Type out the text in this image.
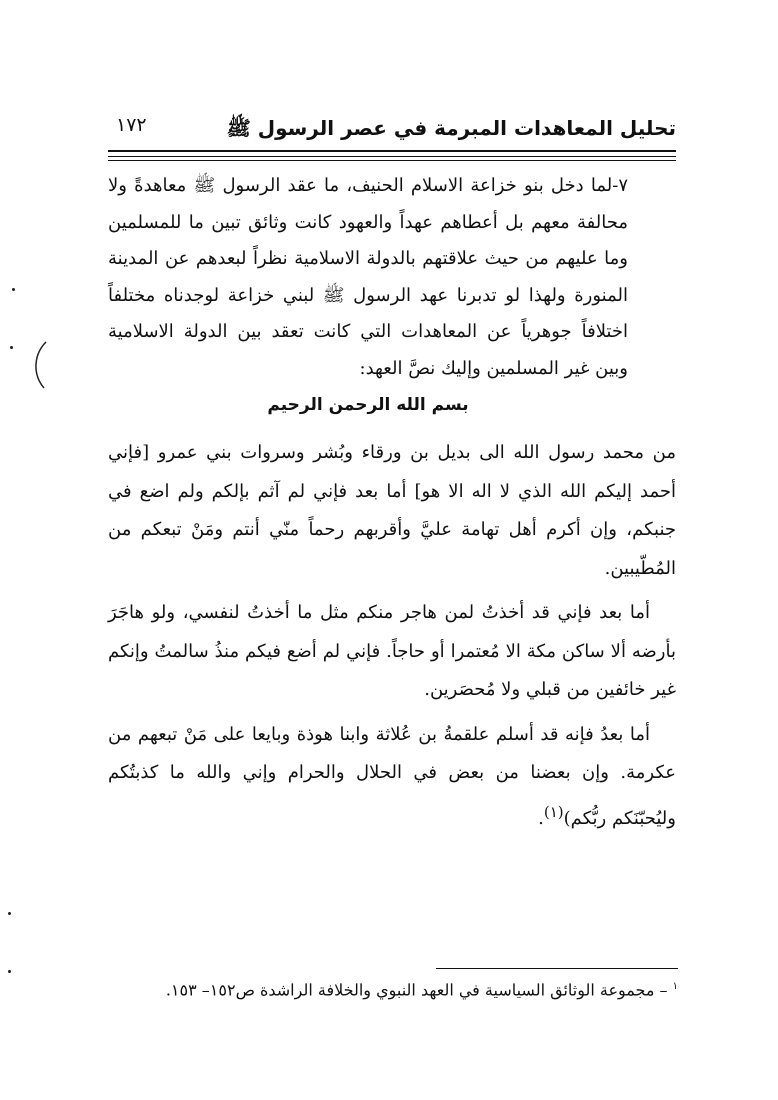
تحليل المعاهدات المبرمة في عصر الرسول ﷺ
١٧٢

٧-لما دخل بنو خزاعة الاسلام الحنيف، ما عقد الرسول ﷺ معاهدةً ولا محالفة معهم بل أعطاهم عهداً والعهود كانت وثائق تبين ما للمسلمين وما عليهم من حيث علاقتهم بالدولة الاسلامية نظراً لبعدهم عن المدينة المنورة ولهذا لو تدبرنا عهد الرسول ﷺ لبني خزاعة لوجدناه مختلفاً اختلافاً جوهرياً عن المعاهدات التي كانت تعقد بين الدولة الاسلامية وبين غير المسلمين وإليك نصَّ العهد:

بسم الله الرحمن الرحيم

من محمد رسول الله الى بديل بن ورقاء وبُشر وسروات بني عمرو [فإني أحمد إليكم الله الذي لا اله الا هو] أما بعد فإني لم آثم بإلكم ولم اضع في جنبكم، وإن أكرم أهل تهامة عليَّ وأقربهم رحماً منّي أنتم ومَنْ تبعكم من المُطّيبين.

أما بعد فإني قد أخذتُ لمن هاجر منكم مثل ما أخذتُ لنفسي، ولو هاجَرَ بأرضه ألا ساكن مكة الا مُعتمرا أو حاجاً. فإني لم أضع فيكم منذُ سالمتُ وإنكم غير خائفين من قبلي ولا مُحصَرين.

أما بعدُ فإنه قد أسلم علقمةُ بن عُلاثة وابنا هوذة وبايعا على مَنْ تبعهم من عكرمة. وإن بعضنا من بعض في الحلال والحرام وإني والله ما كذبتُكم وليُحبّنَكم ربُّكم)$^{(١)}$.

$^١$ – مجموعة الوثائق السياسية في العهد النبوي والخلافة الراشدة ص١٥٢– ١٥٣.
